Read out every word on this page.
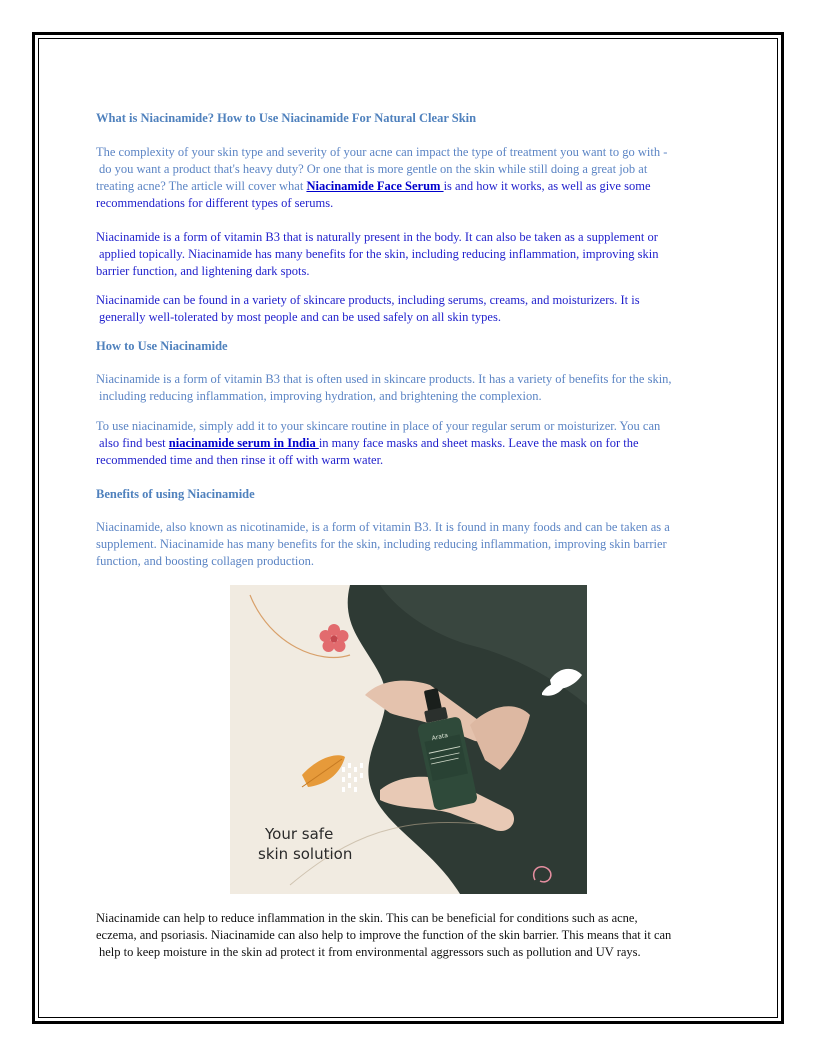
What is Niacinamide? How to Use Niacinamide For Natural Clear Skin

The complexity of your skin type and severity of your acne can impact the type of treatment you want to go with -

do you want a product that's heavy duty? Or one that is more gentle on the skin while still doing a great job at
treating acne? The article will cover what Niacinamide Face Serum is and how it works, as well as give some
recommendations for different types of serums.

Niacinamide is a form of vitamin B3 that is naturally present in the body. It can also be taken as a supplement or

applied topically. Niacinamide has many benefits for the skin, including reducing inflammation, improving skin
barrier function, and lightening dark spots.

Niacinamide can be found in a variety of skincare products, including serums, creams, and moisturizers. It is

generally well-tolerated by most people and can be used safely on all skin types.

How to Use Niacinamide

Niacinamide is a form of vitamin B3 that is often used in skincare products. It has a variety of benefits for the skin,

including reducing inflammation, improving hydration, and brightening the complexion.

To use niacinamide, simply add it to your skincare routine in place of your regular serum or moisturizer. You can

also find best niacinamide serum in India in many face masks and sheet masks. Leave the mask on for the
recommended time and then rinse it off with warm water.

Benefits of using Niacinamide

Niacinamide, also known as nicotinamide, is a form of vitamin B3. It is found in many foods and can be taken as a
supplement. Niacinamide has many benefits for the skin, including reducing inflammation, improving skin barrier
function, and boosting collagen production.

Arata
Your safe
skin solution

Niacinamide can help to reduce inflammation in the skin. This can be beneficial for conditions such as acne,
eczema, and psoriasis. Niacinamide can also help to improve the function of the skin barrier. This means that it can

help to keep moisture in the skin ad protect it from environmental aggressors such as pollution and UV rays.
